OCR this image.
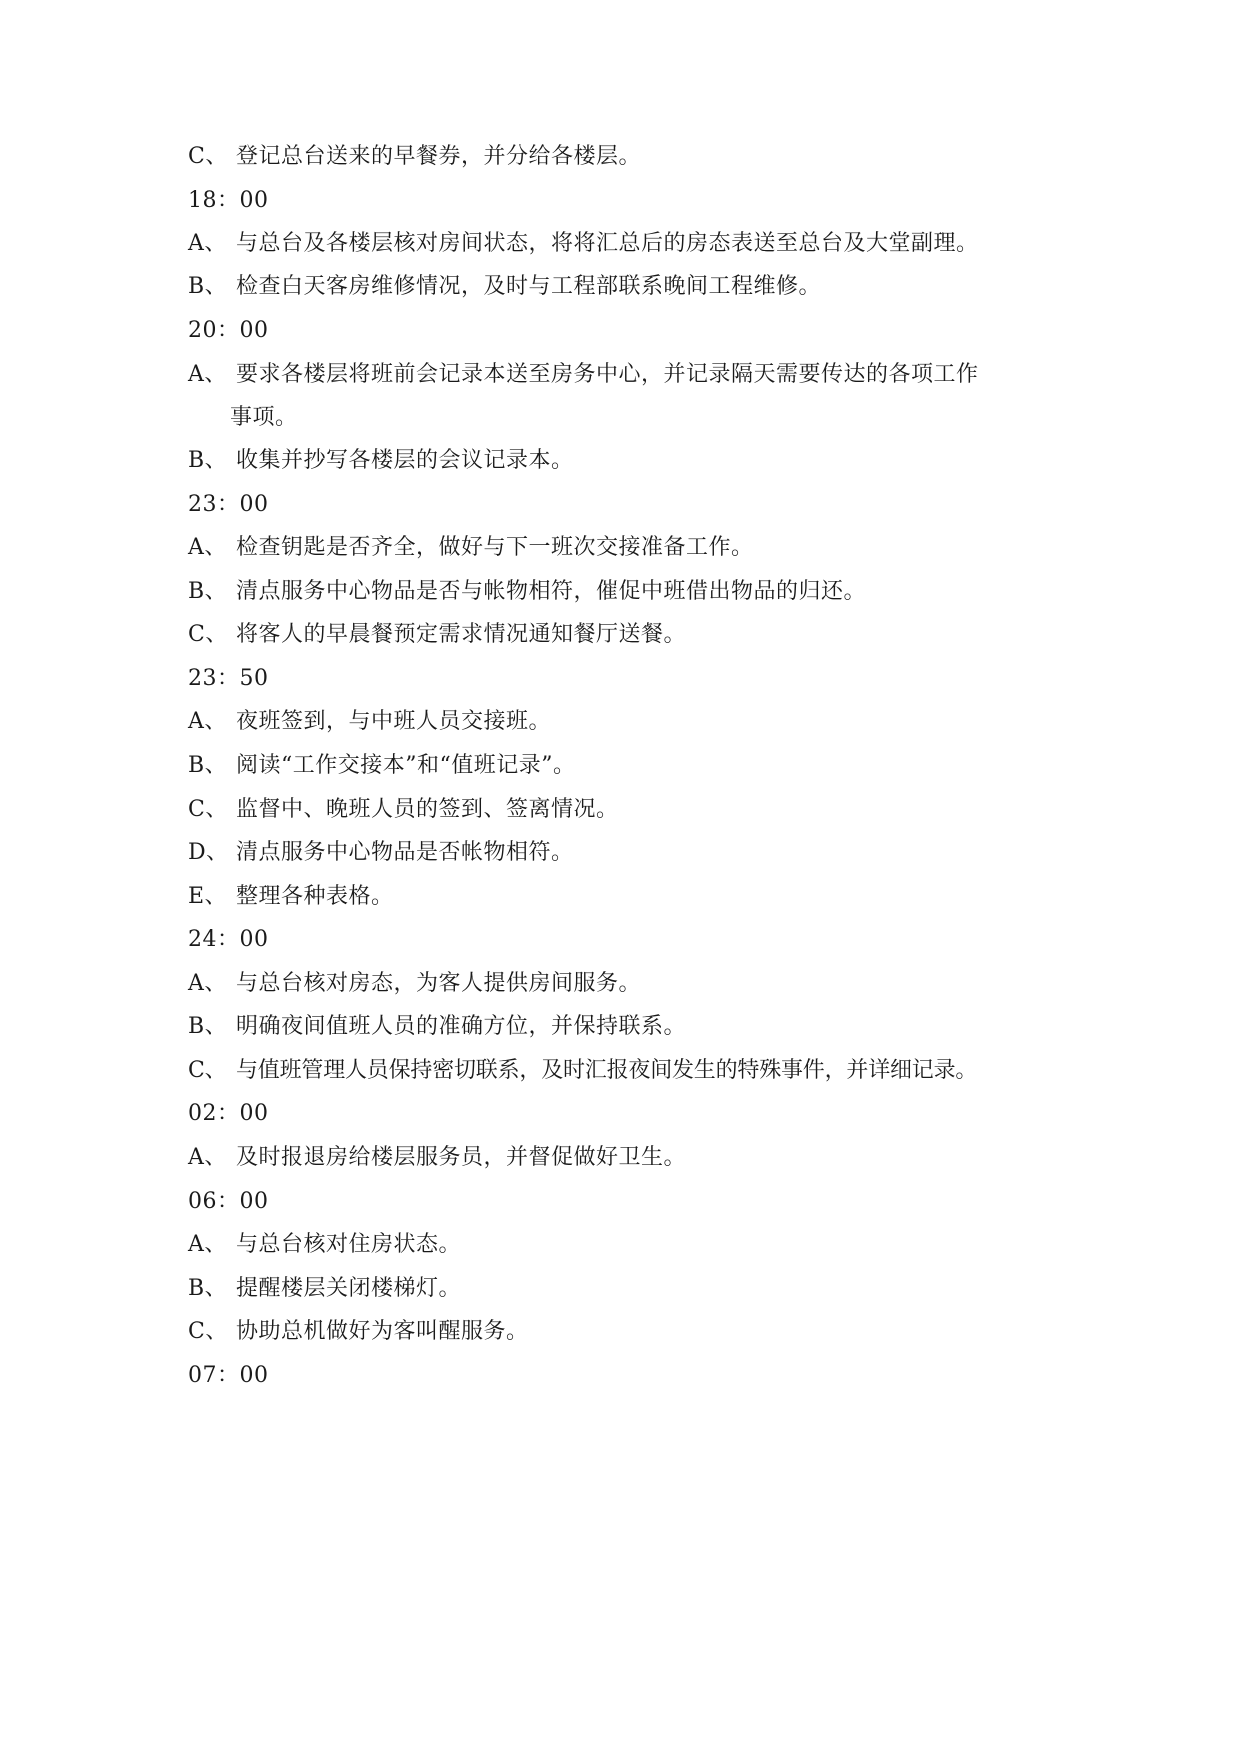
C、 登记总台送来的早餐券，并分给各楼层。
18：00
A、 与总台及各楼层核对房间状态，将将汇总后的房态表送至总台及大堂副理。
B、 检查白天客房维修情况，及时与工程部联系晚间工程维修。
20：00
A、 要求各楼层将班前会记录本送至房务中心，并记录隔天需要传达的各项工作
事项。
B、 收集并抄写各楼层的会议记录本。
23：00
A、 检查钥匙是否齐全，做好与下一班次交接准备工作。
B、 清点服务中心物品是否与帐物相符，催促中班借出物品的归还。
C、 将客人的早晨餐预定需求情况通知餐厅送餐。
23：50
A、 夜班签到，与中班人员交接班。
B、 阅读“工作交接本”和“值班记录”。
C、 监督中、晚班人员的签到、签离情况。
D、 清点服务中心物品是否帐物相符。
E、 整理各种表格。
24：00
A、 与总台核对房态，为客人提供房间服务。
B、 明确夜间值班人员的准确方位，并保持联系。
C、 与值班管理人员保持密切联系，及时汇报夜间发生的特殊事件，并详细记录。
02：00
A、 及时报退房给楼层服务员，并督促做好卫生。
06：00
A、 与总台核对住房状态。
B、 提醒楼层关闭楼梯灯。
C、 协助总机做好为客叫醒服务。
07：00
